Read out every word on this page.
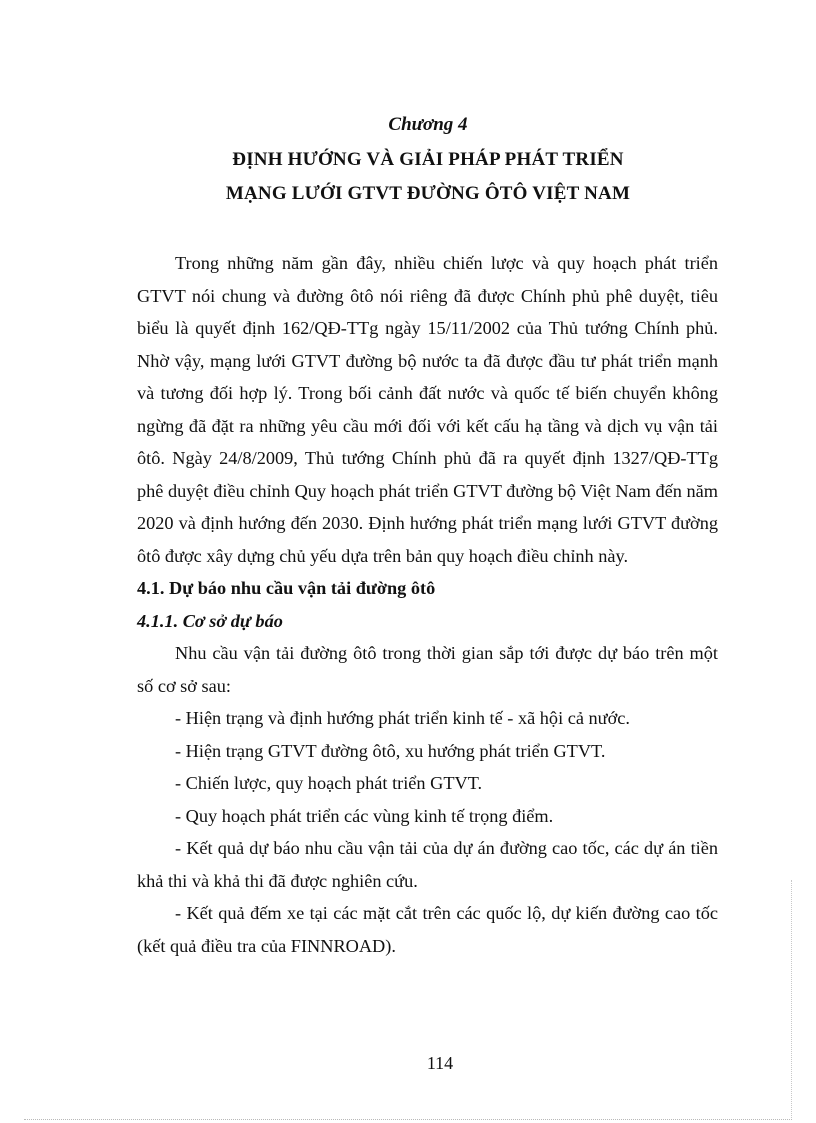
Chương 4
ĐỊNH HƯỚNG VÀ GIẢI PHÁP PHÁT TRIỂN
MẠNG LƯỚI GTVT ĐƯỜNG ÔTÔ VIỆT NAM

Trong những năm gần đây, nhiều chiến lược và quy hoạch phát triển GTVT nói chung và đường ôtô nói riêng đã được Chính phủ phê duyệt, tiêu biểu là quyết định 162/QĐ-TTg ngày 15/11/2002 của Thủ tướng Chính phủ. Nhờ vậy, mạng lưới GTVT đường bộ nước ta đã được đầu tư phát triển mạnh và tương đối hợp lý. Trong bối cảnh đất nước và quốc tế biến chuyển không ngừng đã đặt ra những yêu cầu mới đối với kết cấu hạ tầng và dịch vụ vận tải ôtô. Ngày 24/8/2009, Thủ tướng Chính phủ đã ra quyết định 1327/QĐ-TTg phê duyệt điều chỉnh Quy hoạch phát triển GTVT đường bộ Việt Nam đến năm 2020 và định hướng đến 2030. Định hướng phát triển mạng lưới GTVT đường ôtô được xây dựng chủ yếu dựa trên bản quy hoạch điều chỉnh này.

4.1. Dự báo nhu cầu vận tải đường ôtô

4.1.1. Cơ sở dự báo

Nhu cầu vận tải đường ôtô trong thời gian sắp tới được dự báo trên một số cơ sở sau:

- Hiện trạng và định hướng phát triển kinh tế - xã hội cả nước.

- Hiện trạng GTVT đường ôtô, xu hướng phát triển GTVT.

- Chiến lược, quy hoạch phát triển GTVT.

- Quy hoạch phát triển các vùng kinh tế trọng điểm.

- Kết quả dự báo nhu cầu vận tải của dự án đường cao tốc, các dự án tiền khả thi và khả thi đã được nghiên cứu.

- Kết quả đếm xe tại các mặt cắt trên các quốc lộ, dự kiến đường cao tốc (kết quả điều tra của FINNROAD).

114
